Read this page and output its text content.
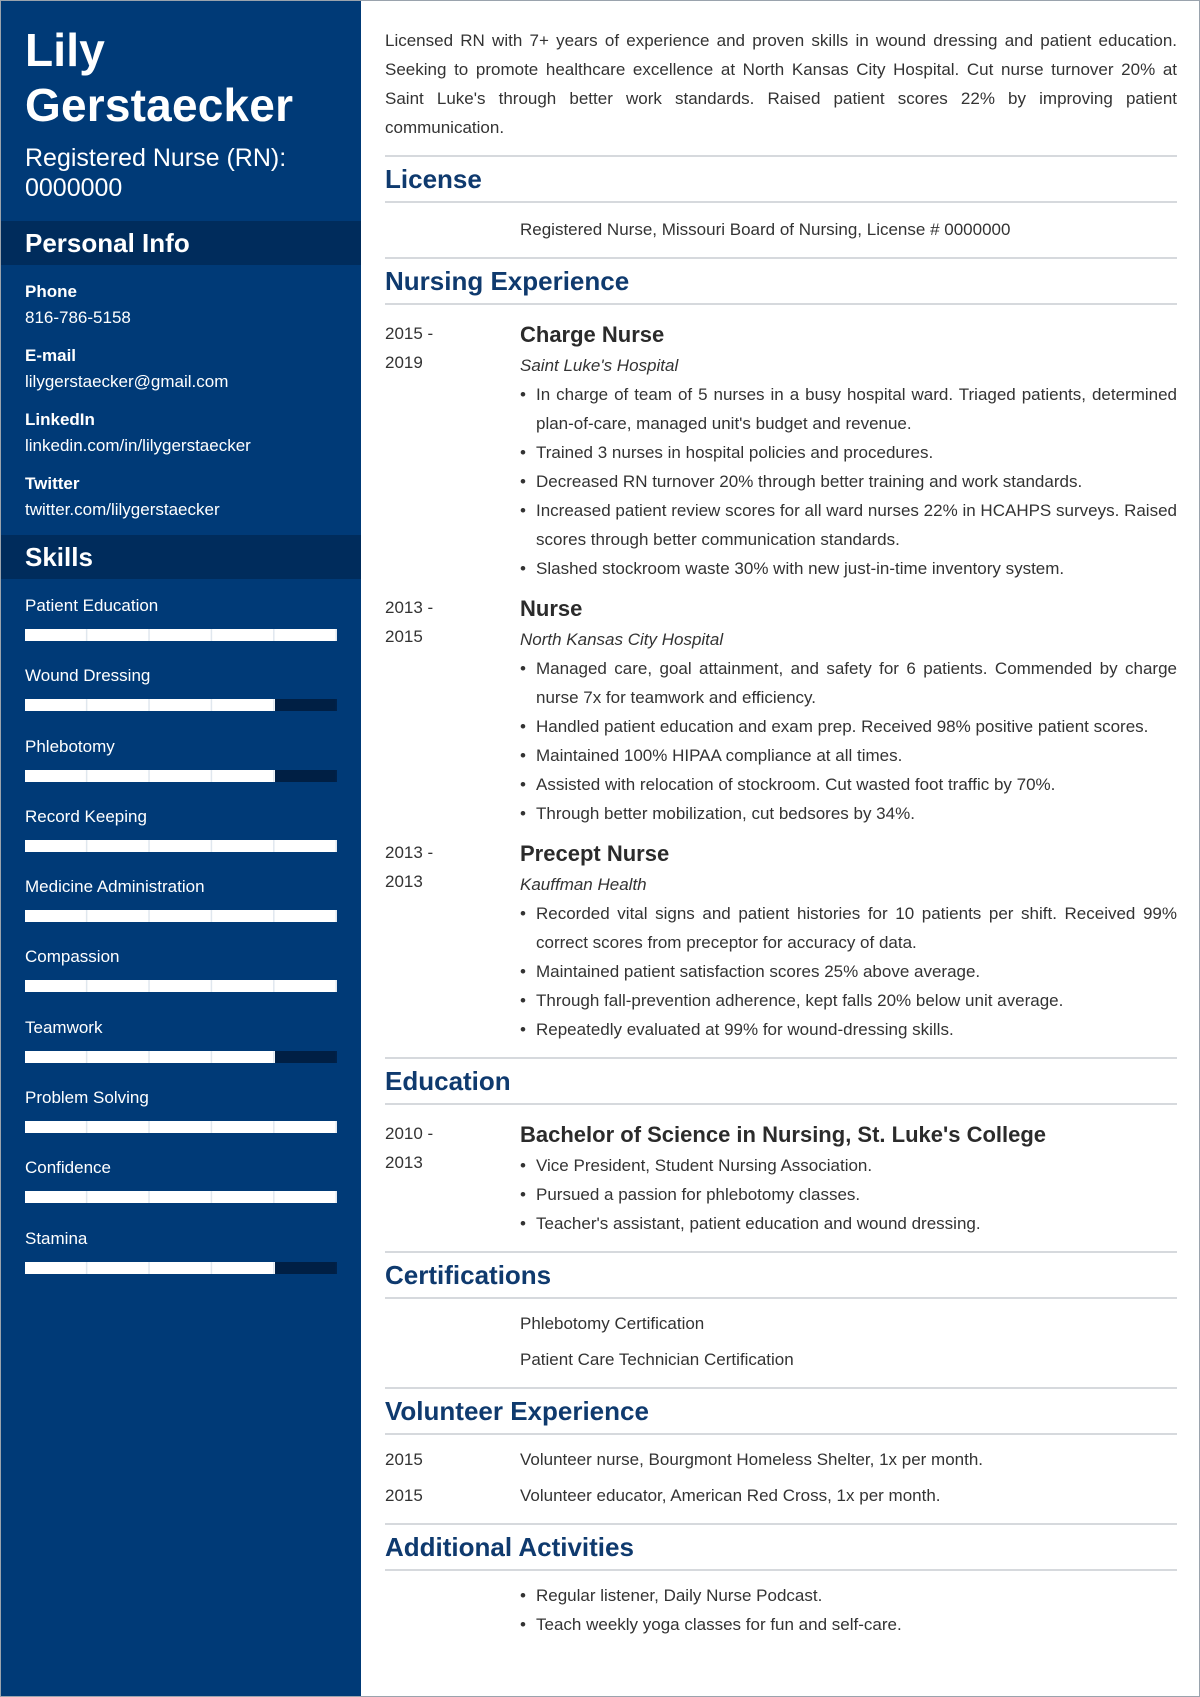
Lily Gerstaecker
Registered Nurse (RN): 0000000
Personal Info
Phone
816-786-5158
E-mail
lilygerstaecker@gmail.com
LinkedIn
linkedin.com/in/lilygerstaecker
Twitter
twitter.com/lilygerstaecker
Skills
Patient Education
Wound Dressing
Phlebotomy
Record Keeping
Medicine Administration
Compassion
Teamwork
Problem Solving
Confidence
Stamina

Licensed RN with 7+ years of experience and proven skills in wound dressing and patient education. Seeking to promote healthcare excellence at North Kansas City Hospital. Cut nurse turnover 20% at Saint Luke's through better work standards. Raised patient scores 22% by improving patient communication.

License
Registered Nurse, Missouri Board of Nursing, License # 0000000
Nursing Experience
2015 -
2019
Charge Nurse
Saint Luke's Hospital
• In charge of team of 5 nurses in a busy hospital ward. Triaged patients, determined plan-of-care, managed unit's budget and revenue.
• Trained 3 nurses in hospital policies and procedures.
• Decreased RN turnover 20% through better training and work standards.
• Increased patient review scores for all ward nurses 22% in HCAHPS surveys. Raised scores through better communication standards.
• Slashed stockroom waste 30% with new just-in-time inventory system.
2013 -
2015
Nurse
North Kansas City Hospital
• Managed care, goal attainment, and safety for 6 patients. Commended by charge nurse 7x for teamwork and efficiency.
• Handled patient education and exam prep. Received 98% positive patient scores.
• Maintained 100% HIPAA compliance at all times.
• Assisted with relocation of stockroom. Cut wasted foot traffic by 70%.
• Through better mobilization, cut bedsores by 34%.
2013 -
2013
Precept Nurse
Kauffman Health
• Recorded vital signs and patient histories for 10 patients per shift. Received 99% correct scores from preceptor for accuracy of data.
• Maintained patient satisfaction scores 25% above average.
• Through fall-prevention adherence, kept falls 20% below unit average.
• Repeatedly evaluated at 99% for wound-dressing skills.
Education
2010 -
2013
Bachelor of Science in Nursing, St. Luke's College
• Vice President, Student Nursing Association.
• Pursued a passion for phlebotomy classes.
• Teacher's assistant, patient education and wound dressing.
Certifications
Phlebotomy Certification
Patient Care Technician Certification
Volunteer Experience
2015	Volunteer nurse, Bourgmont Homeless Shelter, 1x per month.
2015	Volunteer educator, American Red Cross, 1x per month.
Additional Activities
• Regular listener, Daily Nurse Podcast.
• Teach weekly yoga classes for fun and self-care.
